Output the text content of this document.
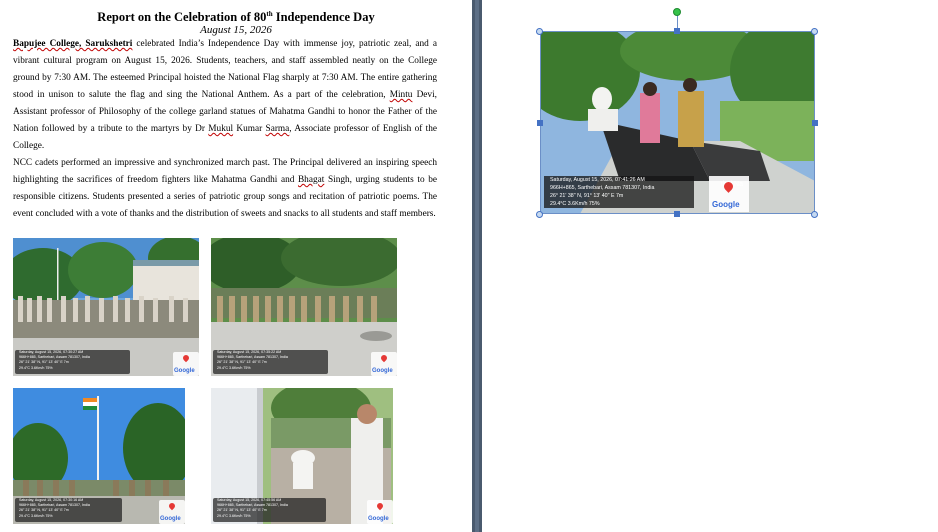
Report on the Celebration of 80th Independence Day
August 15, 2026

Bapujee College, Sarukshetri celebrated India’s Independence Day with immense joy, patriotic zeal, and a vibrant cultural program on August 15, 2026. Students, teachers, and staff assembled neatly on the College ground by 7:30 AM. The esteemed Principal hoisted the National Flag sharply at 7:30 AM. The entire gathering stood in unison to salute the flag and sing the National Anthem. As a part of the celebration, Mintu Devi, Assistant professor of Philosophy of the college garland statues of Mahatma Gandhi to honor the Father of the Nation followed by a tribute to the martyrs by Dr Mukul Kumar Sarma, Associate professor of English of the College.

NCC cadets performed an impressive and synchronized march past. The Principal delivered an inspiring speech highlighting the sacrifices of freedom fighters like Mahatma Gandhi and Bhagat Singh, urging students to be responsible citizens. Students presented a series of patriotic group songs and recitation of patriotic poems. The event concluded with a vote of thanks and the distribution of sweets and snacks to all students and staff members.

Saturday, August 15, 2026, 07:30:27 AM
966H+865, Sarthebari, Assam 781307, India
26° 21' 38" N, 91° 13' 40" E 7m
29.4°C 3.6Km/h 75%
Google
Saturday, August 15, 2026, 07:35:22 AM
966H+865, Sarthebari, Assam 781307, India
26° 21' 38" N, 91° 13' 40" E 7m
29.4°C 3.6Km/h 75%
Google
Saturday, August 15, 2026, 07:30:16 AM
966H+865, Sarthebari, Assam 781307, India
26° 21' 38" N, 91° 13' 40" E 7m
29.4°C 3.6Km/h 75%
Google
Saturday, August 15, 2026, 07:45:56 AM
966H+865, Sarthebari, Assam 781307, India
26° 21' 38" N, 91° 13' 40" E 7m
29.4°C 3.6Km/h 75%
Google
Saturday, August 15, 2026, 07:41:26 AM
966H+865, Sarthebari, Assam 781307, India
26° 21' 38" N, 91° 13' 40" E 7m
29.4°C 3.6Km/h 75%	Google
